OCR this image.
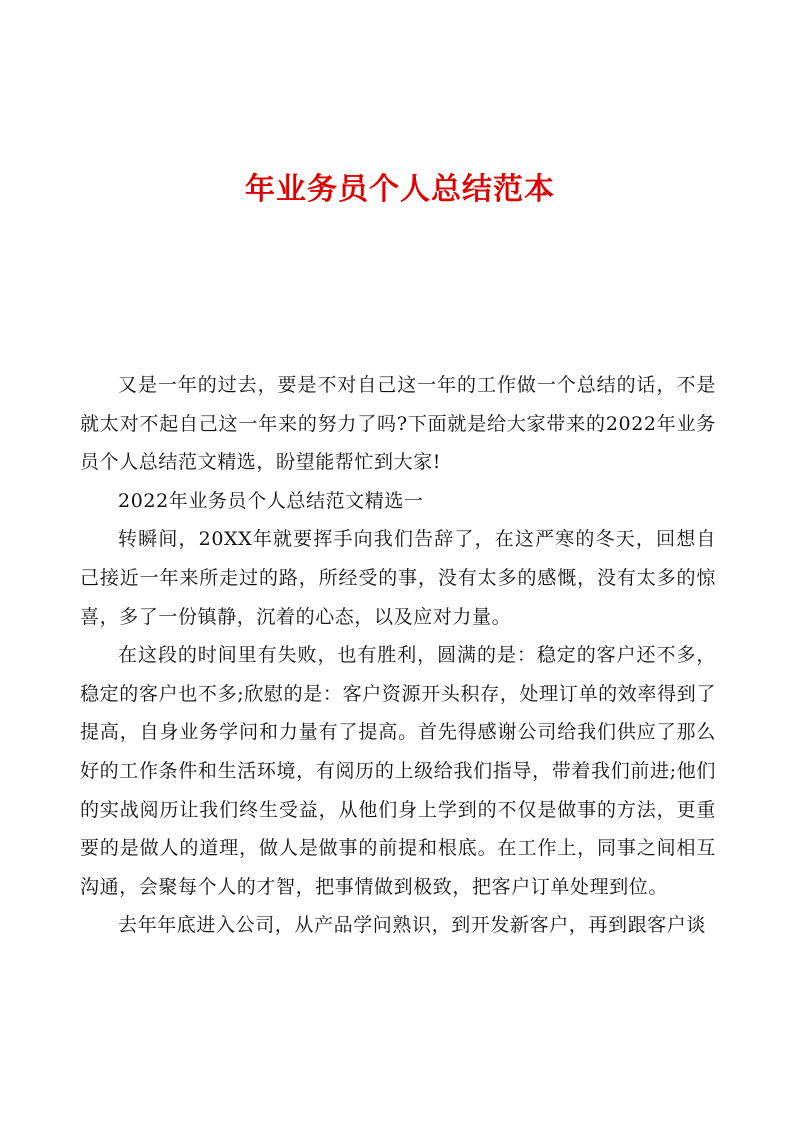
年业务员个人总结范本

又是一年的过去，要是不对自己这一年的工作做一个总结的话，不是就太对不起自己这一年来的努力了吗?下面就是给大家带来的2022年业务员个人总结范文精选，盼望能帮忙到大家!

2022年业务员个人总结范文精选一

转瞬间，20XX年就要挥手向我们告辞了，在这严寒的冬天，回想自己接近一年来所走过的路，所经受的事，没有太多的感慨，没有太多的惊喜，多了一份镇静，沉着的心态，以及应对力量。

在这段的时间里有失败，也有胜利，圆满的是：稳定的客户还不多，稳定的客户也不多;欣慰的是：客户资源开头积存，处理订单的效率得到了提高，自身业务学问和力量有了提高。首先得感谢公司给我们供应了那么好的工作条件和生活环境，有阅历的上级给我们指导，带着我们前进;他们的实战阅历让我们终生受益，从他们身上学到的不仅是做事的方法，更重要的是做人的道理，做人是做事的前提和根底。在工作上，同事之间相互沟通，会聚每个人的才智，把事情做到极致，把客户订单处理到位。

去年年底进入公司，从产品学问熟识，到开发新客户，再到跟客户谈
